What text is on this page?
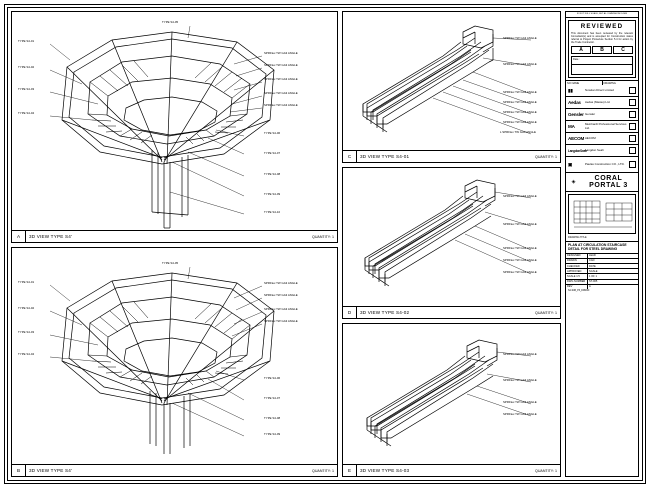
TYPE S4-01
TYPE S4-02
TYPE S4-03
TYPE S4-04
TYPE S4-05
SPRFlex TW GA3 ANGLE
SPRFlex TW GA3 ANGLE
SPRFlex TW GA3 ANGLE
SPRFlex TW GA3 ANGLE
SPRFlex TW GA3 ANGLE
TYPE S4-06
TYPE S4-07
TYPE S4-08
TYPE S4-09
TYPE S4-10
A	3D VIEW TYPE S4'	QUANTITY: 1
TYPE S4-01
TYPE S4-02
TYPE S4-03
TYPE S4-04
TYPE S4-05
SPRFlex TW GA3 ANGLE
SPRFlex TW GA3 ANGLE
SPRFlex TW GA3 ANGLE
SPRFlex TW GA3 ANGLE
TYPE S4-06
TYPE S4-07
TYPE S4-08
TYPE S4-09
B	3D VIEW TYPE S4'	QUANTITY: 1
SPRFlex TW GA3 ANGLE
SPRFlex TW GA3 ANGLE
SPRFlex TW GA3 ANGLE
SPRFlex TW GA3 ANGLE
SPRFlex TW GA3 ANGLE
SPRFlex TW GA3 ANGLE
L SPRFlex TW GA3 ANGLE
C	3D VIEW TYPE S4-01	QUANTITY: 1
SPRFlex TW GA3 ANGLE
SPRFlex TW GA3 ANGLE
SPRFlex TW GA3 ANGLE
SPRFlex TW GA3 ANGLE
SPRFlex TW GA3 ANGLE
D	3D VIEW TYPE S4-02	QUANTITY: 1
SPRFlex TW GA3 ANGLE
SPRFlex TW GA3 ANGLE
SPRFlex TW GA3 ANGLE
SPRFlex TW GA3 ANGLE
E	3D VIEW TYPE S4-03	QUANTITY: 1
IF NOT FULL SCALE, SET AL. DIMENSION IS MM
REVIEWED
This document has been reviewed by the relevant Consultant(s) and is accepted for Construction status referral to Project Procedure Section 5.4 for action by the Trade Contractor.
A	B	C
Date :
NO NAME	DRAWING
▮▮	Nowitan Direct Limited
Aedas	Aedas (Macau) Ltd.
Gensler Gensler
MA	Meinhardt Professional Services Ltd.
AECOM AECOM
LangdonSeah
Langdon Seah
▣	Paulas Construction CO., LTD.
◈	CORAL PORTAL 3
DRAWING TITLE
PLAN AT CIRCULATION STAIRCASE DETAIL FOR STEEL DRAWING
DESIGNED	LEAD
DRAWN	CAD
CHECKED	DATE
APPROVED	SCALE
SCALE 1:5	1 OF 1
DWG NUMBER	ST-005
REV	A
S4-S4B_P3_DRW00
